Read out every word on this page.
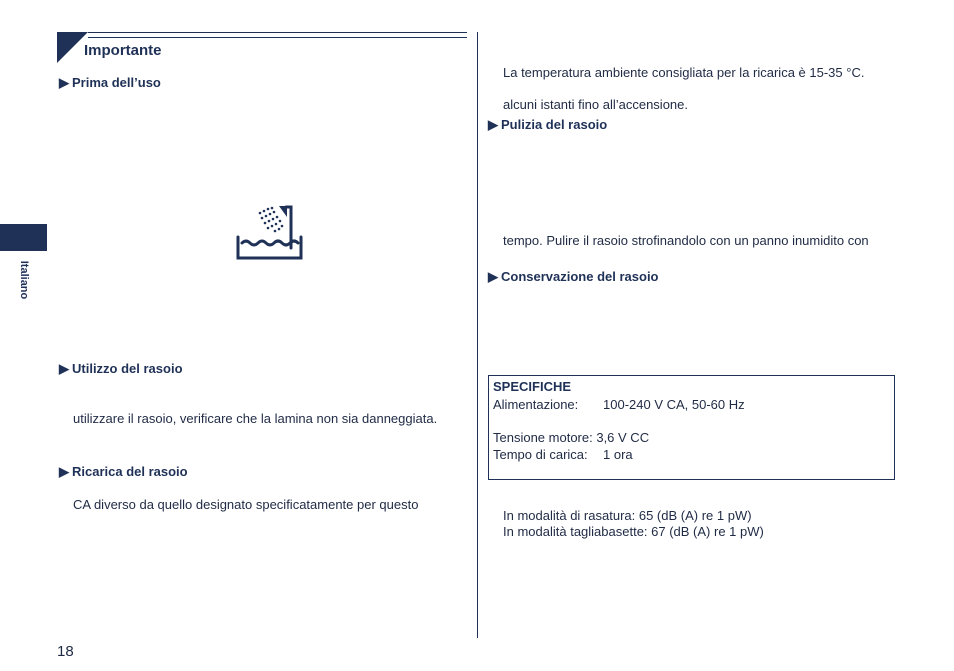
Italiano
Importante
▶ Prima dell’uso
▶ Utilizzo del rasoio
utilizzare il rasoio, verificare che la lamina non sia danneggiata.
▶ Ricarica del rasoio
CA diverso da quello designato specificatamente per questo
La temperatura ambiente consigliata per la ricarica è 15-35 °C.
alcuni istanti fino all’accensione.
▶ Pulizia del rasoio
tempo. Pulire il rasoio strofinandolo con un panno inumidito con
▶ Conservazione del rasoio
SPECIFICHE
Alimentazione: 100-240 V CA, 50-60 Hz
Tensione motore: 3,6 V CC
Tempo di carica: 1 ora
In modalità di rasatura: 65 (dB (A) re 1 pW)
In modalità tagliabasette: 67 (dB (A) re 1 pW)
18
